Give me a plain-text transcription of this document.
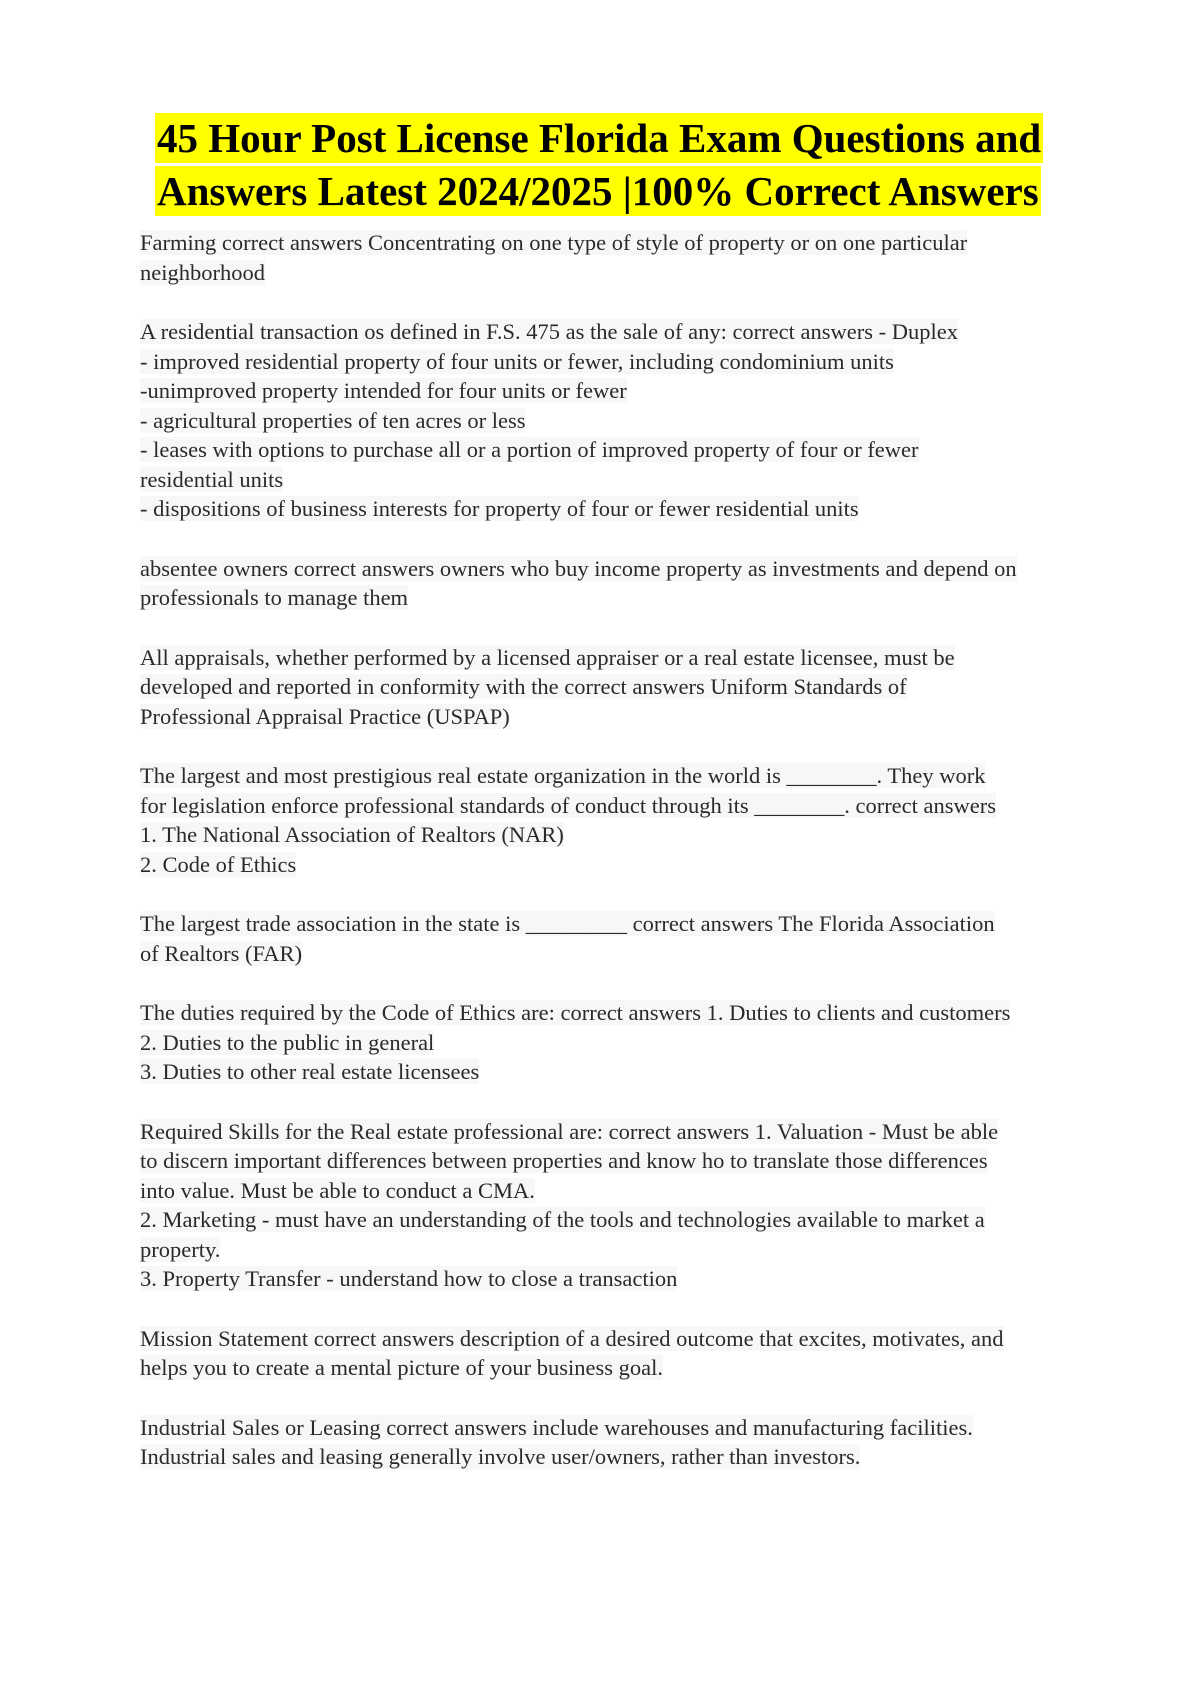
45 Hour Post License Florida Exam Questions and
Answers Latest 2024/2025 |100% Correct Answers

Farming correct answers Concentrating on one type of style of property or on one particular

neighborhood

A residential transaction os defined in F.S. 475 as the sale of any: correct answers - Duplex

- improved residential property of four units or fewer, including condominium units

-unimproved property intended for four units or fewer

- agricultural properties of ten acres or less

- leases with options to purchase all or a portion of improved property of four or fewer

residential units

- dispositions of business interests for property of four or fewer residential units

absentee owners correct answers owners who buy income property as investments and depend on

professionals to manage them

All appraisals, whether performed by a licensed appraiser or a real estate licensee, must be

developed and reported in conformity with the correct answers Uniform Standards of

Professional Appraisal Practice (USPAP)

The largest and most prestigious real estate organization in the world is ________. They work

for legislation enforce professional standards of conduct through its ________. correct answers

1. The National Association of Realtors (NAR)

2. Code of Ethics

The largest trade association in the state is _________ correct answers The Florida Association

of Realtors (FAR)

The duties required by the Code of Ethics are: correct answers 1. Duties to clients and customers

2. Duties to the public in general

3. Duties to other real estate licensees

Required Skills for the Real estate professional are: correct answers 1. Valuation - Must be able

to discern important differences between properties and know ho to translate those differences

into value. Must be able to conduct a CMA.

2. Marketing - must have an understanding of the tools and technologies available to market a

property.

3. Property Transfer - understand how to close a transaction

Mission Statement correct answers description of a desired outcome that excites, motivates, and

helps you to create a mental picture of your business goal.

Industrial Sales or Leasing correct answers include warehouses and manufacturing facilities.

Industrial sales and leasing generally involve user/owners, rather than investors.
